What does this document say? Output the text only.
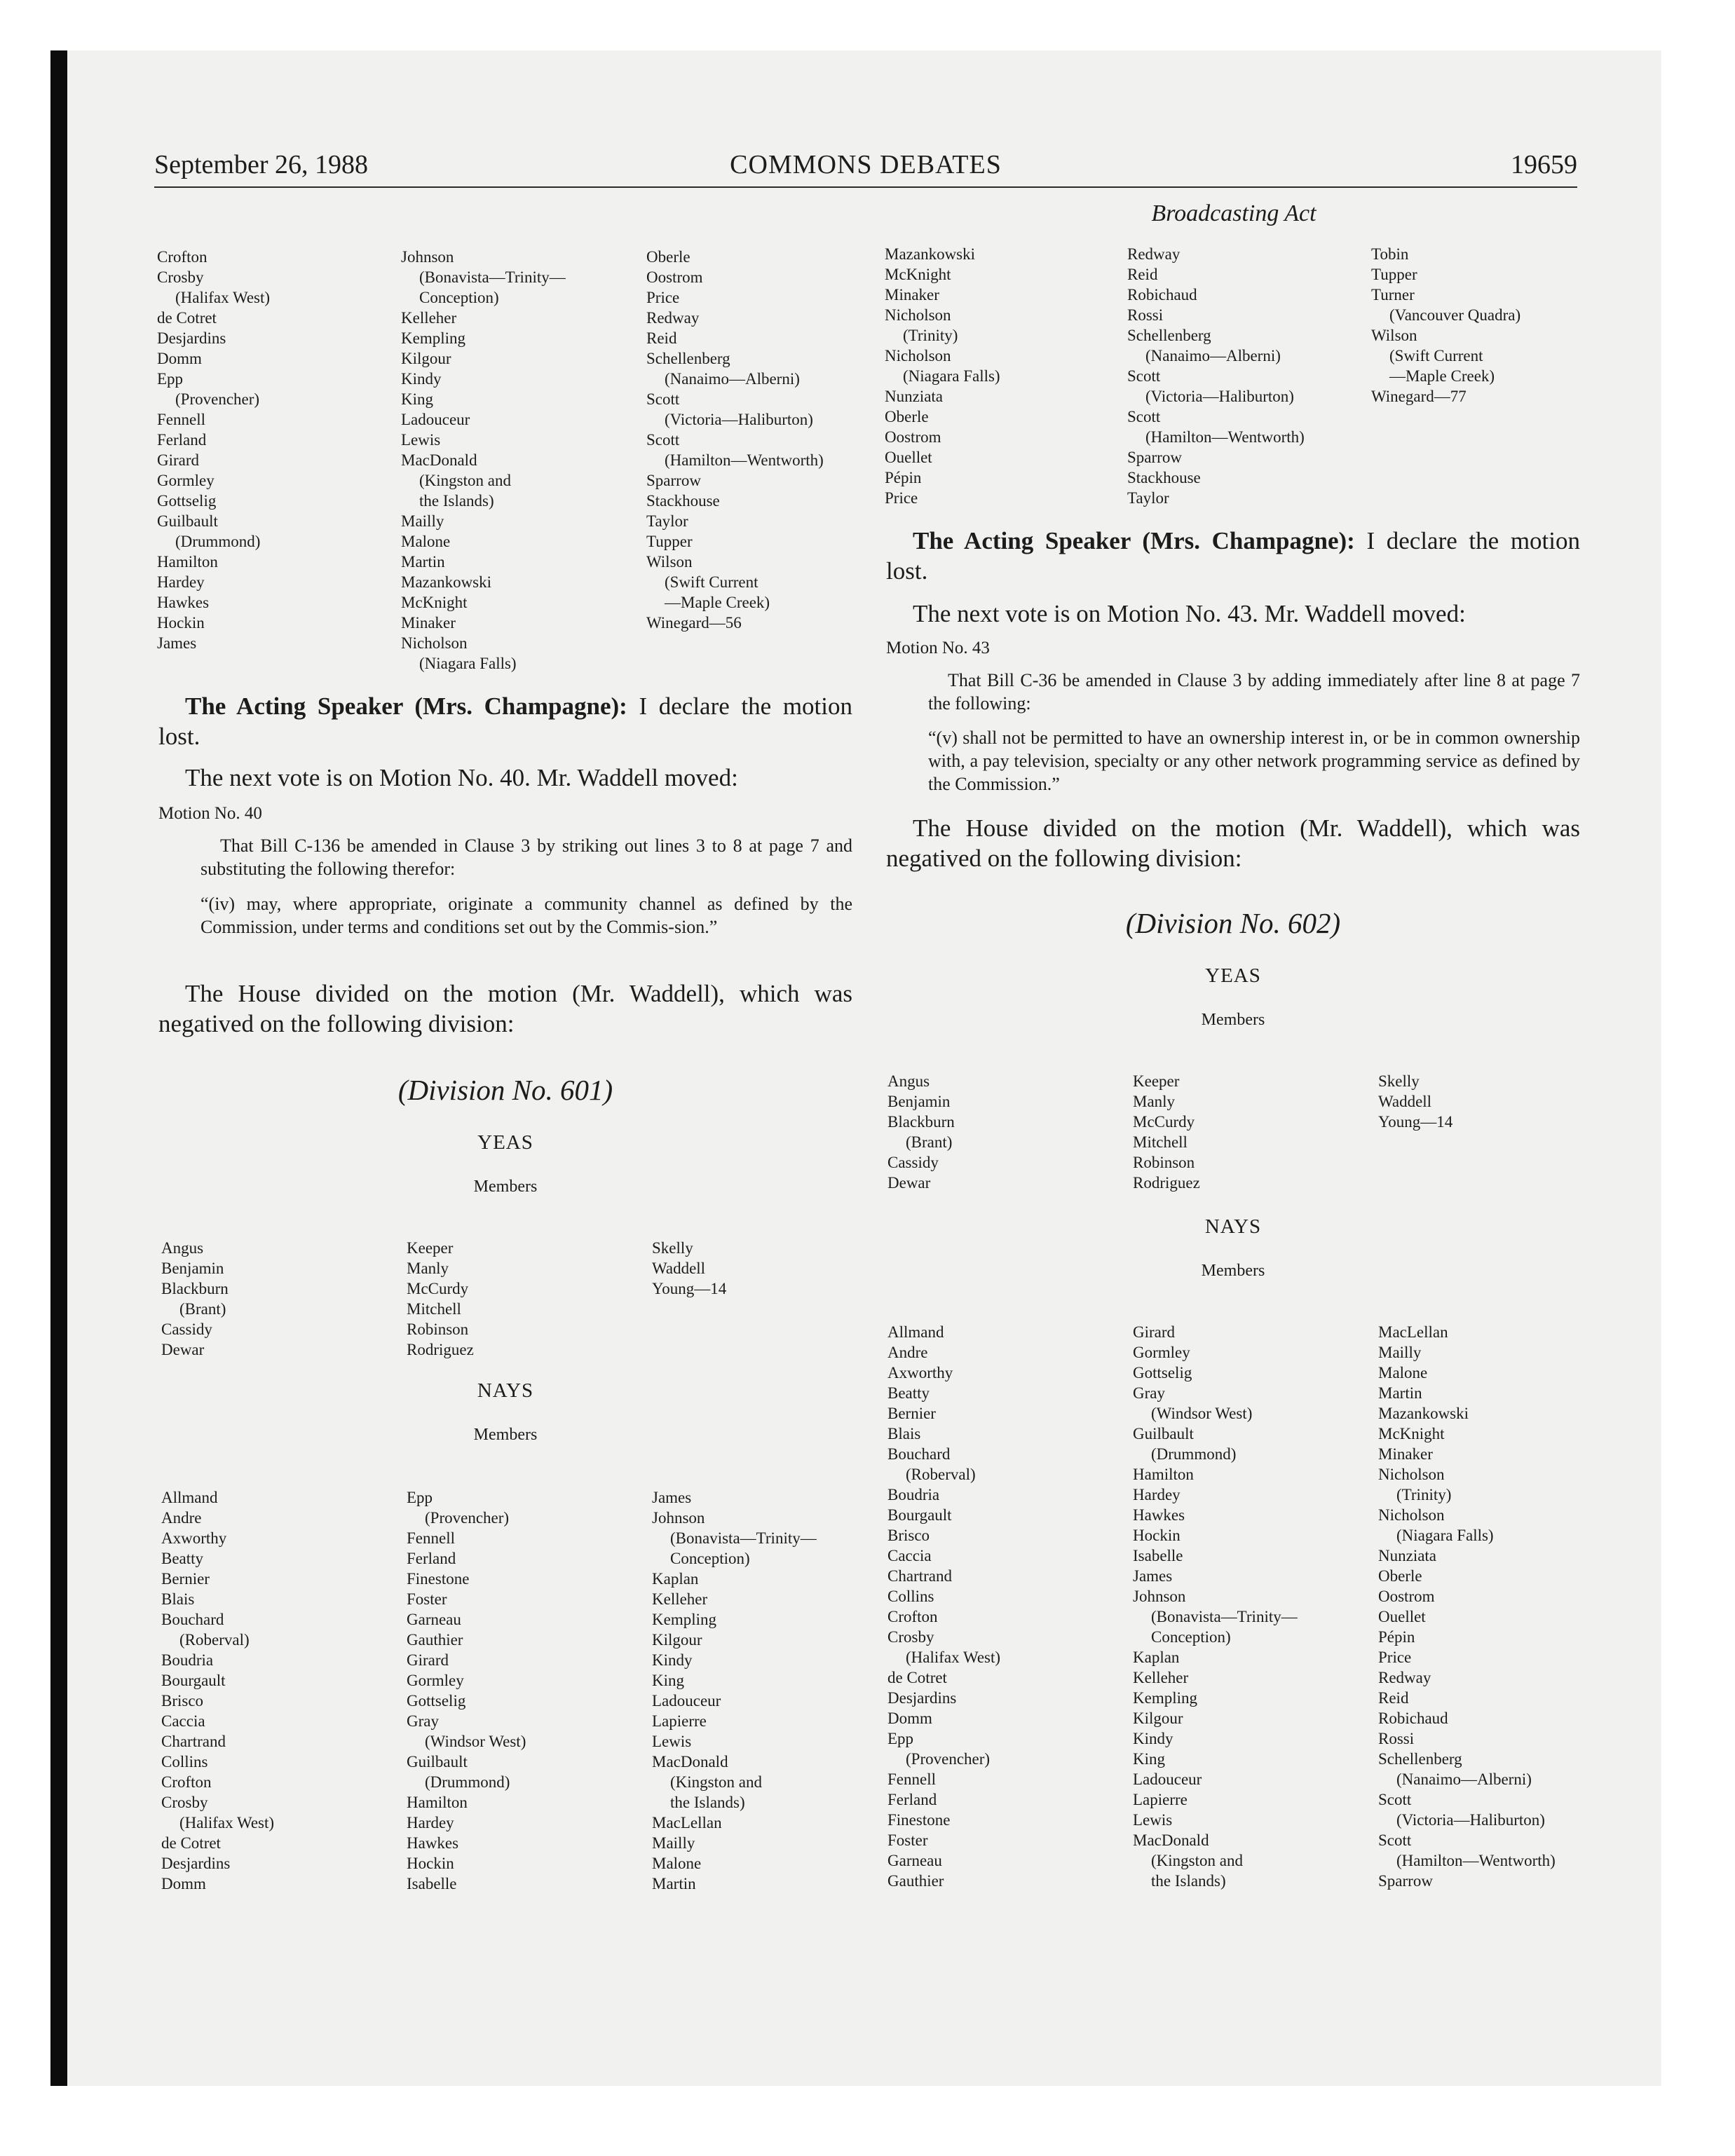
September 26, 1988	COMMONS DEBATES	19659
Broadcasting Act
Crofton
Crosby
(Halifax West)
de Cotret
Desjardins
Domm
Epp
(Provencher)
Fennell
Ferland
Girard
Gormley
Gottselig
Guilbault
(Drummond)
Hamilton
Hardey
Hawkes
Hockin
James
Johnson
(Bonavista—Trinity—
Conception)
Kelleher
Kempling
Kilgour
Kindy
King
Ladouceur
Lewis
MacDonald
(Kingston and
the Islands)
Mailly
Malone
Martin
Mazankowski
McKnight
Minaker
Nicholson
(Niagara Falls)
Oberle
Oostrom
Price
Redway
Reid
Schellenberg
(Nanaimo—Alberni)
Scott
(Victoria—Haliburton)
Scott
(Hamilton—Wentworth)
Sparrow
Stackhouse
Taylor
Tupper
Wilson
(Swift Current
—Maple Creek)
Winegard—56
The Acting Speaker (Mrs. Champagne): I declare the motion lost.
The next vote is on Motion No. 40. Mr. Waddell moved:
Motion No. 40
That Bill C-136 be amended in Clause 3 by striking out lines 3 to 8 at page 7 and substituting the following therefor:
“(iv) may, where appropriate, originate a community channel as defined by the Commission, under terms and conditions set out by the Commis-sion.”
The House divided on the motion (Mr. Waddell), which was negatived on the following division:
(Division No. 601)
YEAS
Members
Angus
Benjamin
Blackburn
(Brant)
Cassidy
Dewar
Keeper
Manly
McCurdy
Mitchell
Robinson
Rodriguez
Skelly
Waddell
Young—14
NAYS
Members
Allmand
Andre
Axworthy
Beatty
Bernier
Blais
Bouchard
(Roberval)
Boudria
Bourgault
Brisco
Caccia
Chartrand
Collins
Crofton
Crosby
(Halifax West)
de Cotret
Desjardins
Domm
Epp
(Provencher)
Fennell
Ferland
Finestone
Foster
Garneau
Gauthier
Girard
Gormley
Gottselig
Gray
(Windsor West)
Guilbault
(Drummond)
Hamilton
Hardey
Hawkes
Hockin
Isabelle
James
Johnson
(Bonavista—Trinity—
Conception)
Kaplan
Kelleher
Kempling
Kilgour
Kindy
King
Ladouceur
Lapierre
Lewis
MacDonald
(Kingston and
the Islands)
MacLellan
Mailly
Malone
Martin
Mazankowski
McKnight
Minaker
Nicholson
(Trinity)
Nicholson
(Niagara Falls)
Nunziata
Oberle
Oostrom
Ouellet
Pépin
Price
Redway
Reid
Robichaud
Rossi
Schellenberg
(Nanaimo—Alberni)
Scott
(Victoria—Haliburton)
Scott
(Hamilton—Wentworth)
Sparrow
Stackhouse
Taylor
Tobin
Tupper
Turner
(Vancouver Quadra)
Wilson
(Swift Current
—Maple Creek)
Winegard—77
The Acting Speaker (Mrs. Champagne): I declare the motion lost.
The next vote is on Motion No. 43. Mr. Waddell moved:
Motion No. 43
That Bill C-36 be amended in Clause 3 by adding immediately after line 8 at page 7 the following:
“(v) shall not be permitted to have an ownership interest in, or be in common ownership with, a pay television, specialty or any other network programming service as defined by the Commission.”
The House divided on the motion (Mr. Waddell), which was negatived on the following division:
(Division No. 602)
YEAS
Members
Angus
Benjamin
Blackburn
(Brant)
Cassidy
Dewar
Keeper
Manly
McCurdy
Mitchell
Robinson
Rodriguez
Skelly
Waddell
Young—14
NAYS
Members
Allmand
Andre
Axworthy
Beatty
Bernier
Blais
Bouchard
(Roberval)
Boudria
Bourgault
Brisco
Caccia
Chartrand
Collins
Crofton
Crosby
(Halifax West)
de Cotret
Desjardins
Domm
Epp
(Provencher)
Fennell
Ferland
Finestone
Foster
Garneau
Gauthier
Girard
Gormley
Gottselig
Gray
(Windsor West)
Guilbault
(Drummond)
Hamilton
Hardey
Hawkes
Hockin
Isabelle
James
Johnson
(Bonavista—Trinity—
Conception)
Kaplan
Kelleher
Kempling
Kilgour
Kindy
King
Ladouceur
Lapierre
Lewis
MacDonald
(Kingston and
the Islands)
MacLellan
Mailly
Malone
Martin
Mazankowski
McKnight
Minaker
Nicholson
(Trinity)
Nicholson
(Niagara Falls)
Nunziata
Oberle
Oostrom
Ouellet
Pépin
Price
Redway
Reid
Robichaud
Rossi
Schellenberg
(Nanaimo—Alberni)
Scott
(Victoria—Haliburton)
Scott
(Hamilton—Wentworth)
Sparrow
